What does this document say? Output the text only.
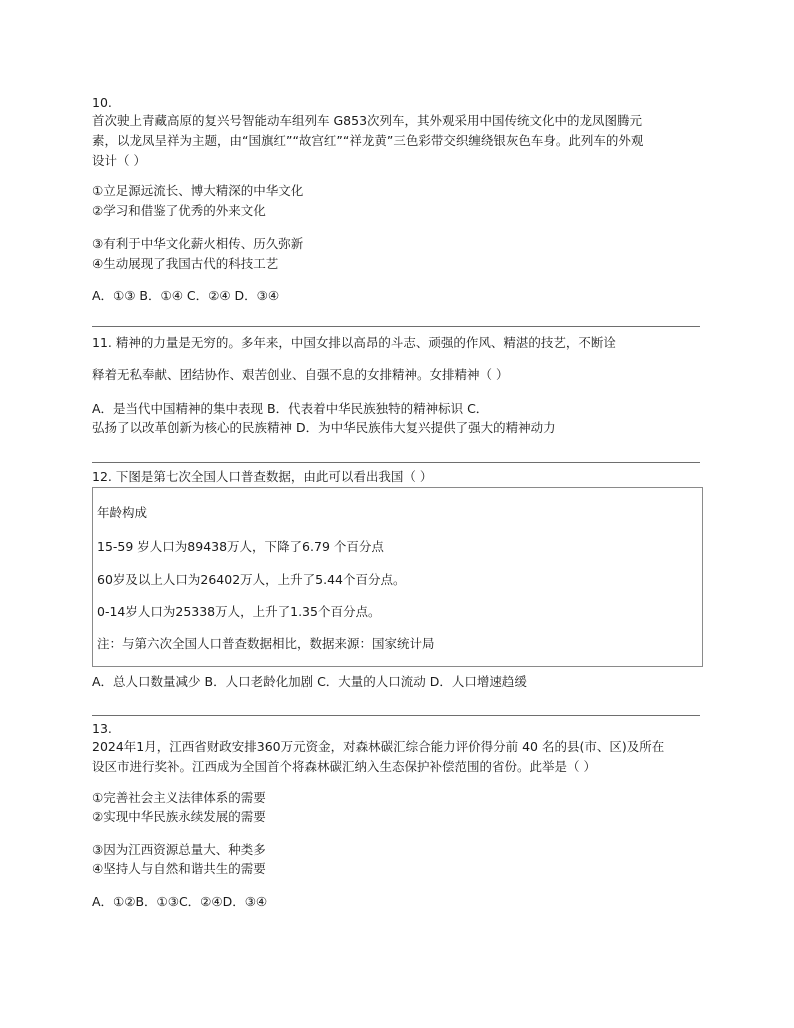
10.
首次驶上青藏高原的复兴号智能动车组列车 G853次列车，其外观采用中国传统文化中的龙凤图腾元
素，以龙凤呈祥为主题，由“国旗红”“故宫红”“祥龙黄”三色彩带交织缠绕银灰色车身。此列车的外观
设计（ ）
①立足源远流长、博大精深的中华文化
②学习和借鉴了优秀的外来文化
③有利于中华文化薪火相传、历久弥新
④生动展现了我国古代的科技工艺
A．①③ B．①④ C．②④ D．③④
11. 精神的力量是无穷的。多年来，中国女排以高昂的斗志、顽强的作风、精湛的技艺，不断诠
释着无私奉献、团结协作、艰苦创业、自强不息的女排精神。女排精神（ ）
A．是当代中国精神的集中表现 B．代表着中华民族独特的精神标识 C．
弘扬了以改革创新为核心的民族精神 D．为中华民族伟大复兴提供了强大的精神动力
12. 下图是第七次全国人口普查数据，由此可以看出我国（ ）
年龄构成
15-59 岁人口为89438万人，下降了6.79 个百分点
60岁及以上人口为26402万人，上升了5.44个百分点。
0-14岁人口为25338万人，上升了1.35个百分点。
注：与第六次全国人口普查数据相比，数据来源：国家统计局
A．总人口数量减少 B．人口老龄化加剧 C．大量的人口流动 D．人口增速趋缓
13.
2024年1月，江西省财政安排360万元资金，对森林碳汇综合能力评价得分前 40 名的县(市、区)及所在
设区市进行奖补。江西成为全国首个将森林碳汇纳入生态保护补偿范围的省份。此举是（ ）
①完善社会主义法律体系的需要
②实现中华民族永续发展的需要
③因为江西资源总量大、种类多
④坚持人与自然和谐共生的需要
A．①②B．①③C．②④D．③④
